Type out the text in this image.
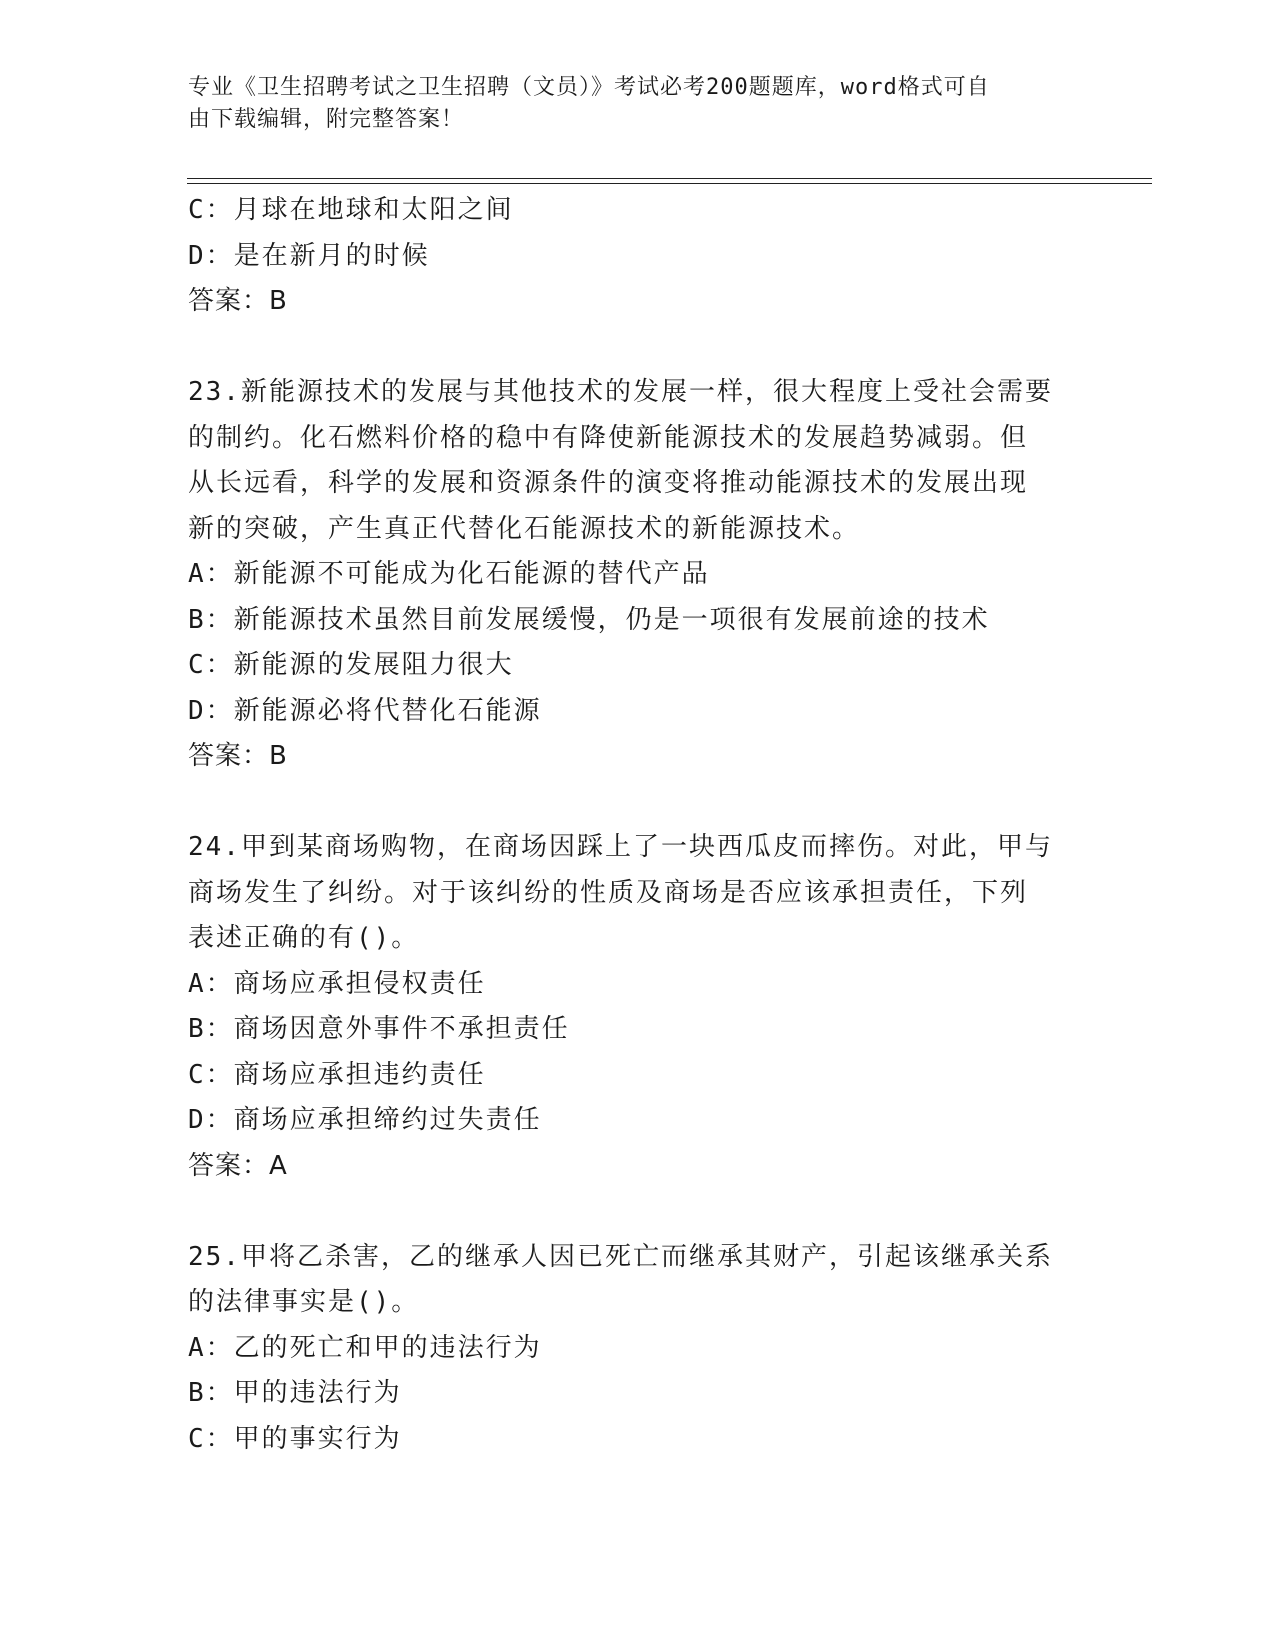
专业《卫生招聘考试之卫生招聘（文员）》考试必考200题题库，word格式可自
由下载编辑，附完整答案！
C：月球在地球和太阳之间
D：是在新月的时候
答案：B
23.新能源技术的发展与其他技术的发展一样，很大程度上受社会需要
的制约。化石燃料价格的稳中有降使新能源技术的发展趋势减弱。但
从长远看，科学的发展和资源条件的演变将推动能源技术的发展出现
新的突破，产生真正代替化石能源技术的新能源技术。
A：新能源不可能成为化石能源的替代产品
B：新能源技术虽然目前发展缓慢，仍是一项很有发展前途的技术
C：新能源的发展阻力很大
D：新能源必将代替化石能源
答案：B
24.甲到某商场购物，在商场因踩上了一块西瓜皮而摔伤。对此，甲与
商场发生了纠纷。对于该纠纷的性质及商场是否应该承担责任，下列
表述正确的有()。
A：商场应承担侵权责任
B：商场因意外事件不承担责任
C：商场应承担违约责任
D：商场应承担缔约过失责任
答案：A
25.甲将乙杀害，乙的继承人因已死亡而继承其财产，引起该继承关系
的法律事实是()。
A：乙的死亡和甲的违法行为
B：甲的违法行为
C：甲的事实行为
